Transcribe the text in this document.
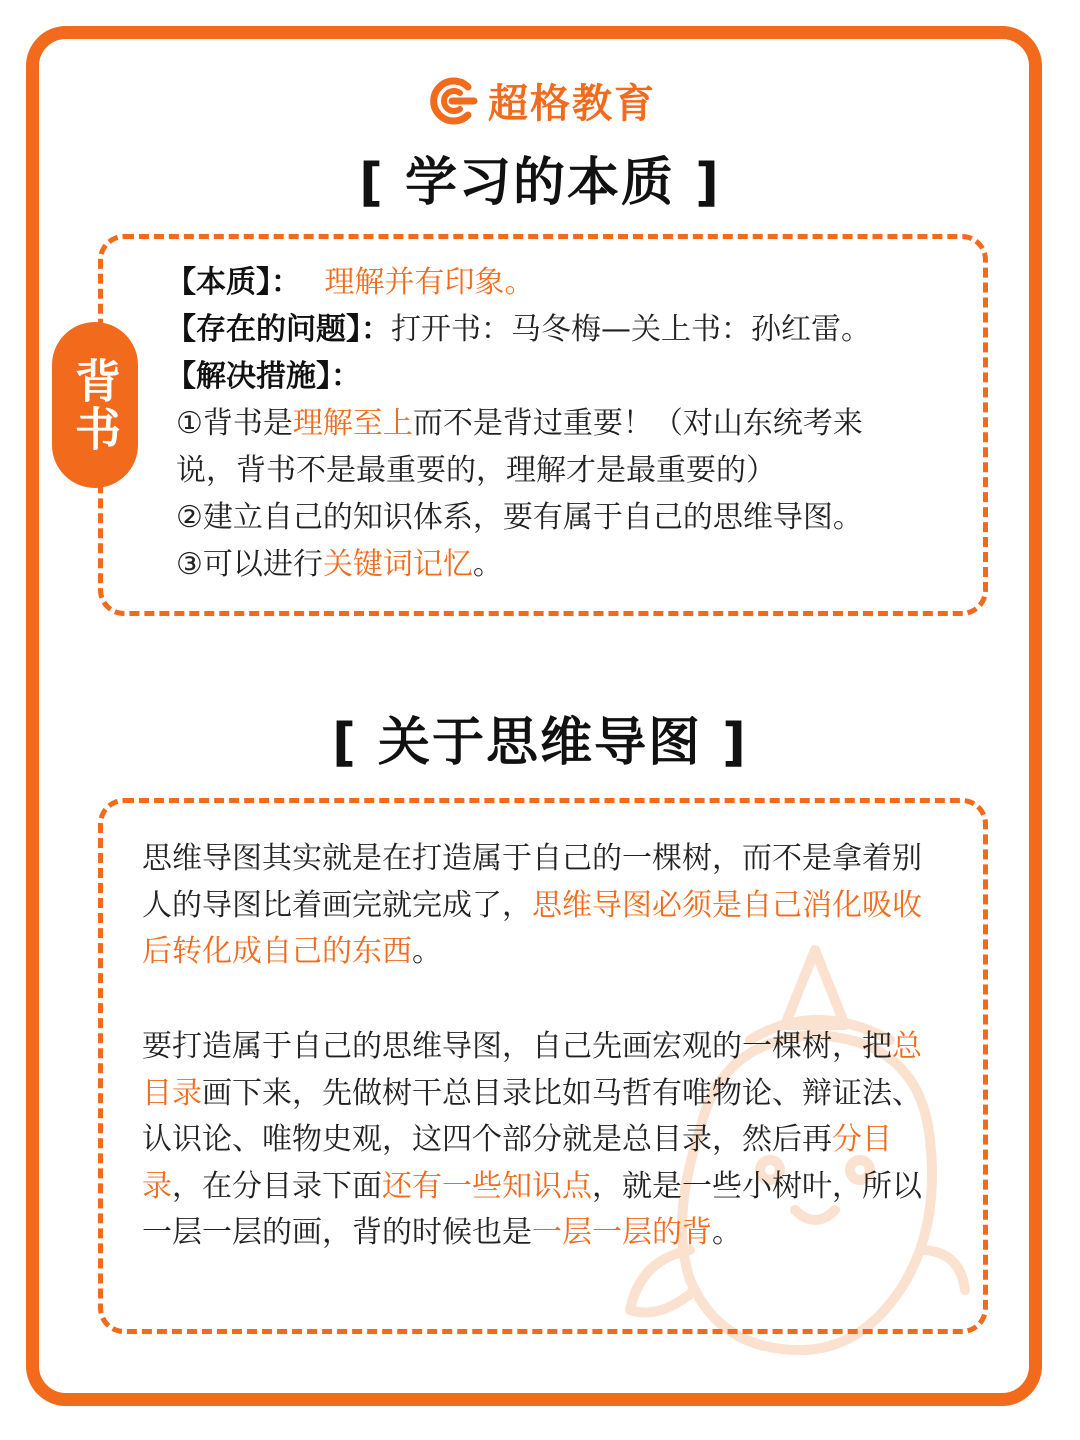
超格教育
[ 学习的本质 ]
背书
【本质】： 理解并有印象。
【存在的问题】：打开书：马冬梅—关上书：孙红雷。
【解决措施】：
①背书是理解至上而不是背过重要！（对山东统考来
说，背书不是最重要的，理解才是最重要的）
②建立自己的知识体系，要有属于自己的思维导图。
③可以进行关键词记忆。
[ 关于思维导图 ]

思维导图其实就是在打造属于自己的一棵树，而不是拿着别人的导图比着画完就完成了，思维导图必须是自己消化吸收后转化成自己的东西。

要打造属于自己的思维导图，自己先画宏观的一棵树，把总目录画下来，先做树干总目录比如马哲有唯物论、辩证法、认识论、唯物史观，这四个部分就是总目录，然后再分目录，在分目录下面还有一些知识点，就是一些小树叶，所以一层一层的画，背的时候也是一层一层的背。
